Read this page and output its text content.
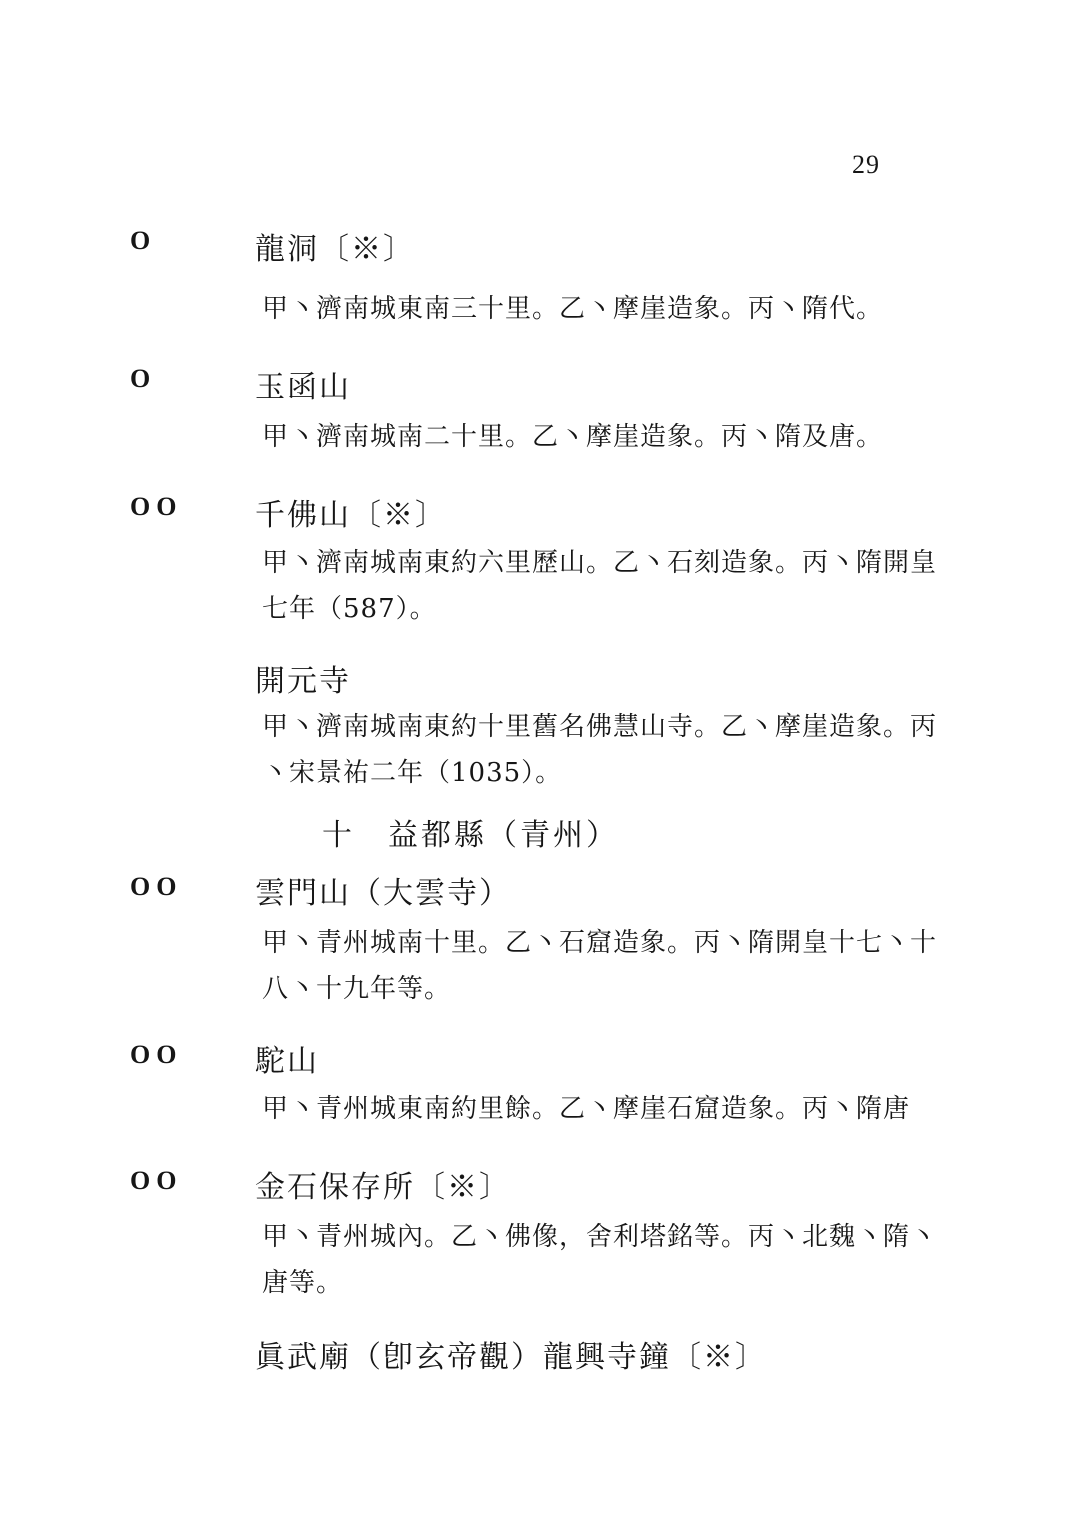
29
O	龍洞〔※〕
甲丶濟南城東南三十里。乙丶摩崖造象。丙丶隋代。
O	玉函山
甲丶濟南城南二十里。乙丶摩崖造象。丙丶隋及唐。
OO 千佛山〔※〕
甲丶濟南城南東約六里歷山。乙丶石刻造象。丙丶隋開皇七年（587）。
開元寺
甲丶濟南城南東約十里舊名佛慧山寺。乙丶摩崖造象。丙丶宋景祐二年（1035）。
十　益都縣（青州）
OO 雲門山（大雲寺）
甲丶青州城南十里。乙丶石窟造象。丙丶隋開皇十七丶十八丶十九年等。
OO 駝山
甲丶青州城東南約里餘。乙丶摩崖石窟造象。丙丶隋唐
OO 金石保存所〔※〕
甲丶青州城內。乙丶佛像，舍利塔銘等。丙丶北魏丶隋丶唐等。
眞武廟（卽玄帝觀）龍興寺鐘〔※〕
